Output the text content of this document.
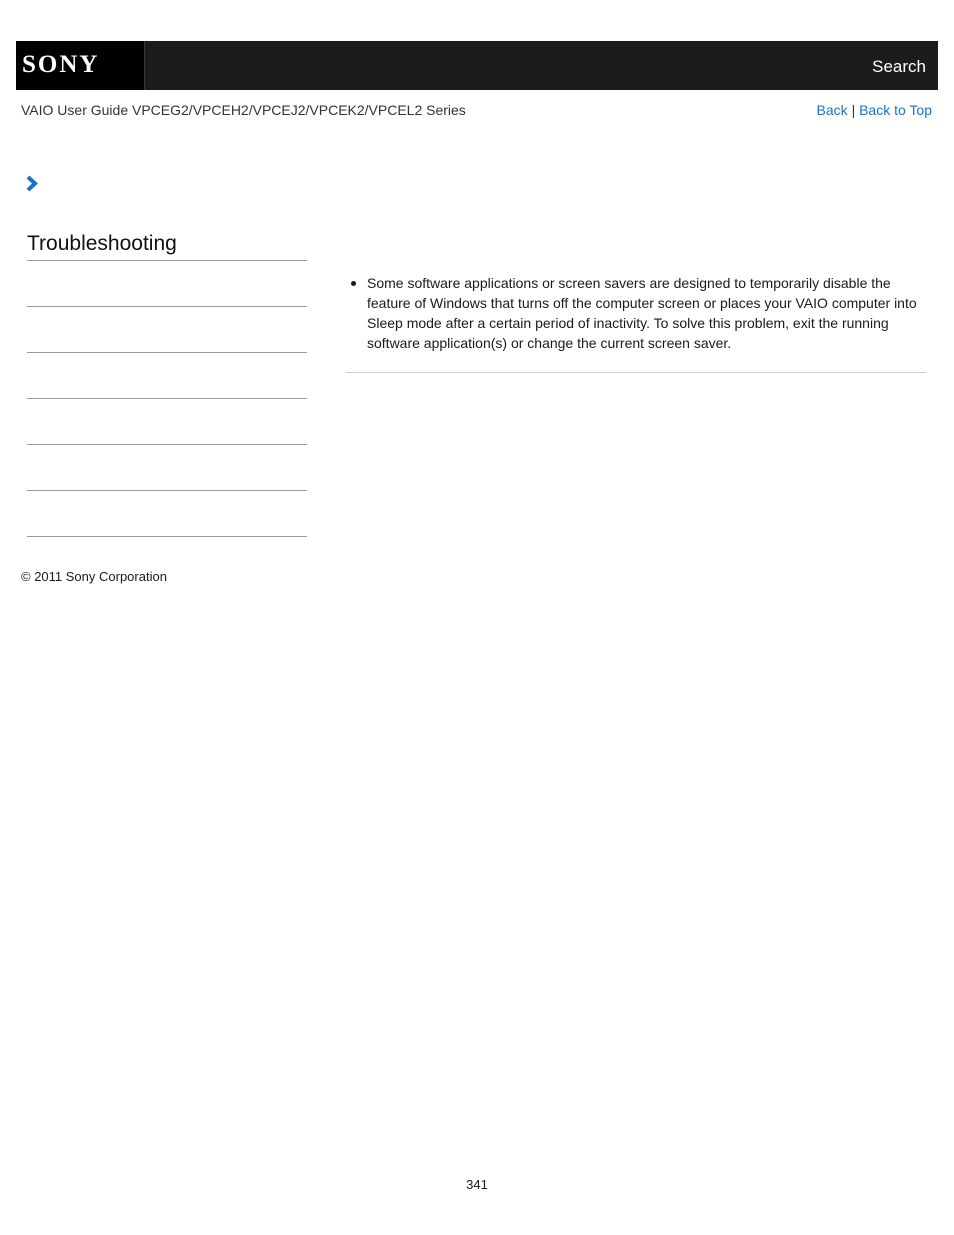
SONY	Search
VAIO User Guide VPCEG2/VPCEH2/VPCEJ2/VPCEK2/VPCEL2 Series	Back | Back to Top
Troubleshooting
Some software applications or screen savers are designed to temporarily disable the feature of Windows that turns off the computer screen or places your VAIO computer into Sleep mode after a certain period of inactivity. To solve this problem, exit the running software application(s) or change the current screen saver.
© 2011 Sony Corporation
341
